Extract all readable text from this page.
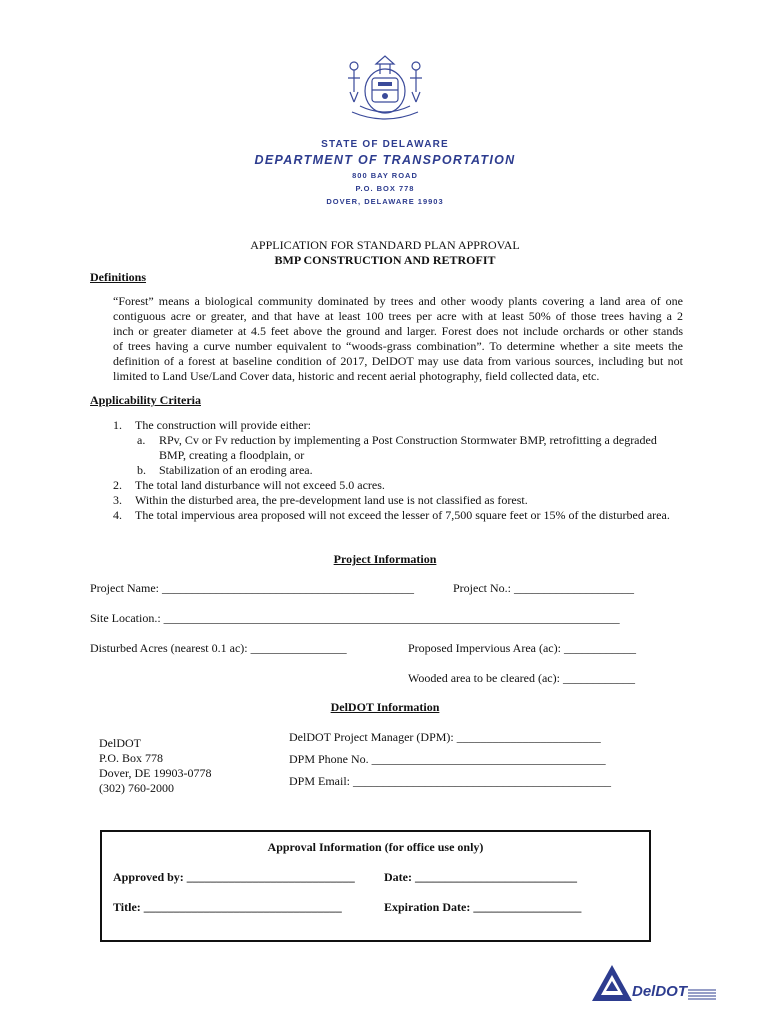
STATE OF DELAWARE
DEPARTMENT OF TRANSPORTATION
800 BAY ROAD
P.O. BOX 778
DOVER, DELAWARE 19903
APPLICATION FOR STANDARD PLAN APPROVAL
BMP CONSTRUCTION AND RETROFIT
Definitions
“Forest” means a biological community dominated by trees and other woody plants covering a land area of one
contiguous acre or greater, and that have at least 100 trees per acre with at least 50% of those trees having a 2
inch or greater diameter at 4.5 feet above the ground and larger. Forest does not include orchards or other stands
of trees having a curve number equivalent to “woods-grass combination”. To determine whether a site meets the
definition of a forest at baseline condition of 2017, DelDOT may use data from various sources, including but not
limited to Land Use/Land Cover data, historic and recent aerial photography, field collected data, etc.
Applicability Criteria
1. The construction will provide either:
a. RPv, Cv or Fv reduction by implementing a Post Construction Stormwater BMP, retrofitting a degraded BMP, creating a floodplain, or
b. Stabilization of an eroding area.
2. The total land disturbance will not exceed 5.0 acres.
3. Within the disturbed area, the pre-development land use is not classified as forest.
4. The total impervious area proposed will not exceed the lesser of 7,500 square feet or 15% of the disturbed area.
Project Information
Project Name: __________________________________________	Project No.: ____________________
Site Location.: ____________________________________________________________________________
Disturbed Acres (nearest 0.1 ac): ________________	Proposed Impervious Area (ac): ____________
Wooded area to be cleared (ac): ____________
DelDOT Information
DelDOT
P.O. Box 778
Dover, DE 19903-0778
(302) 760-2000
DelDOT Project Manager (DPM): ________________________
DPM Phone No. _______________________________________
DPM Email: ___________________________________________
Approval Information (for office use only)
Approved by: ____________________________ Date: ___________________________
Title: _________________________________	Expiration Date: __________________
DelDOT
